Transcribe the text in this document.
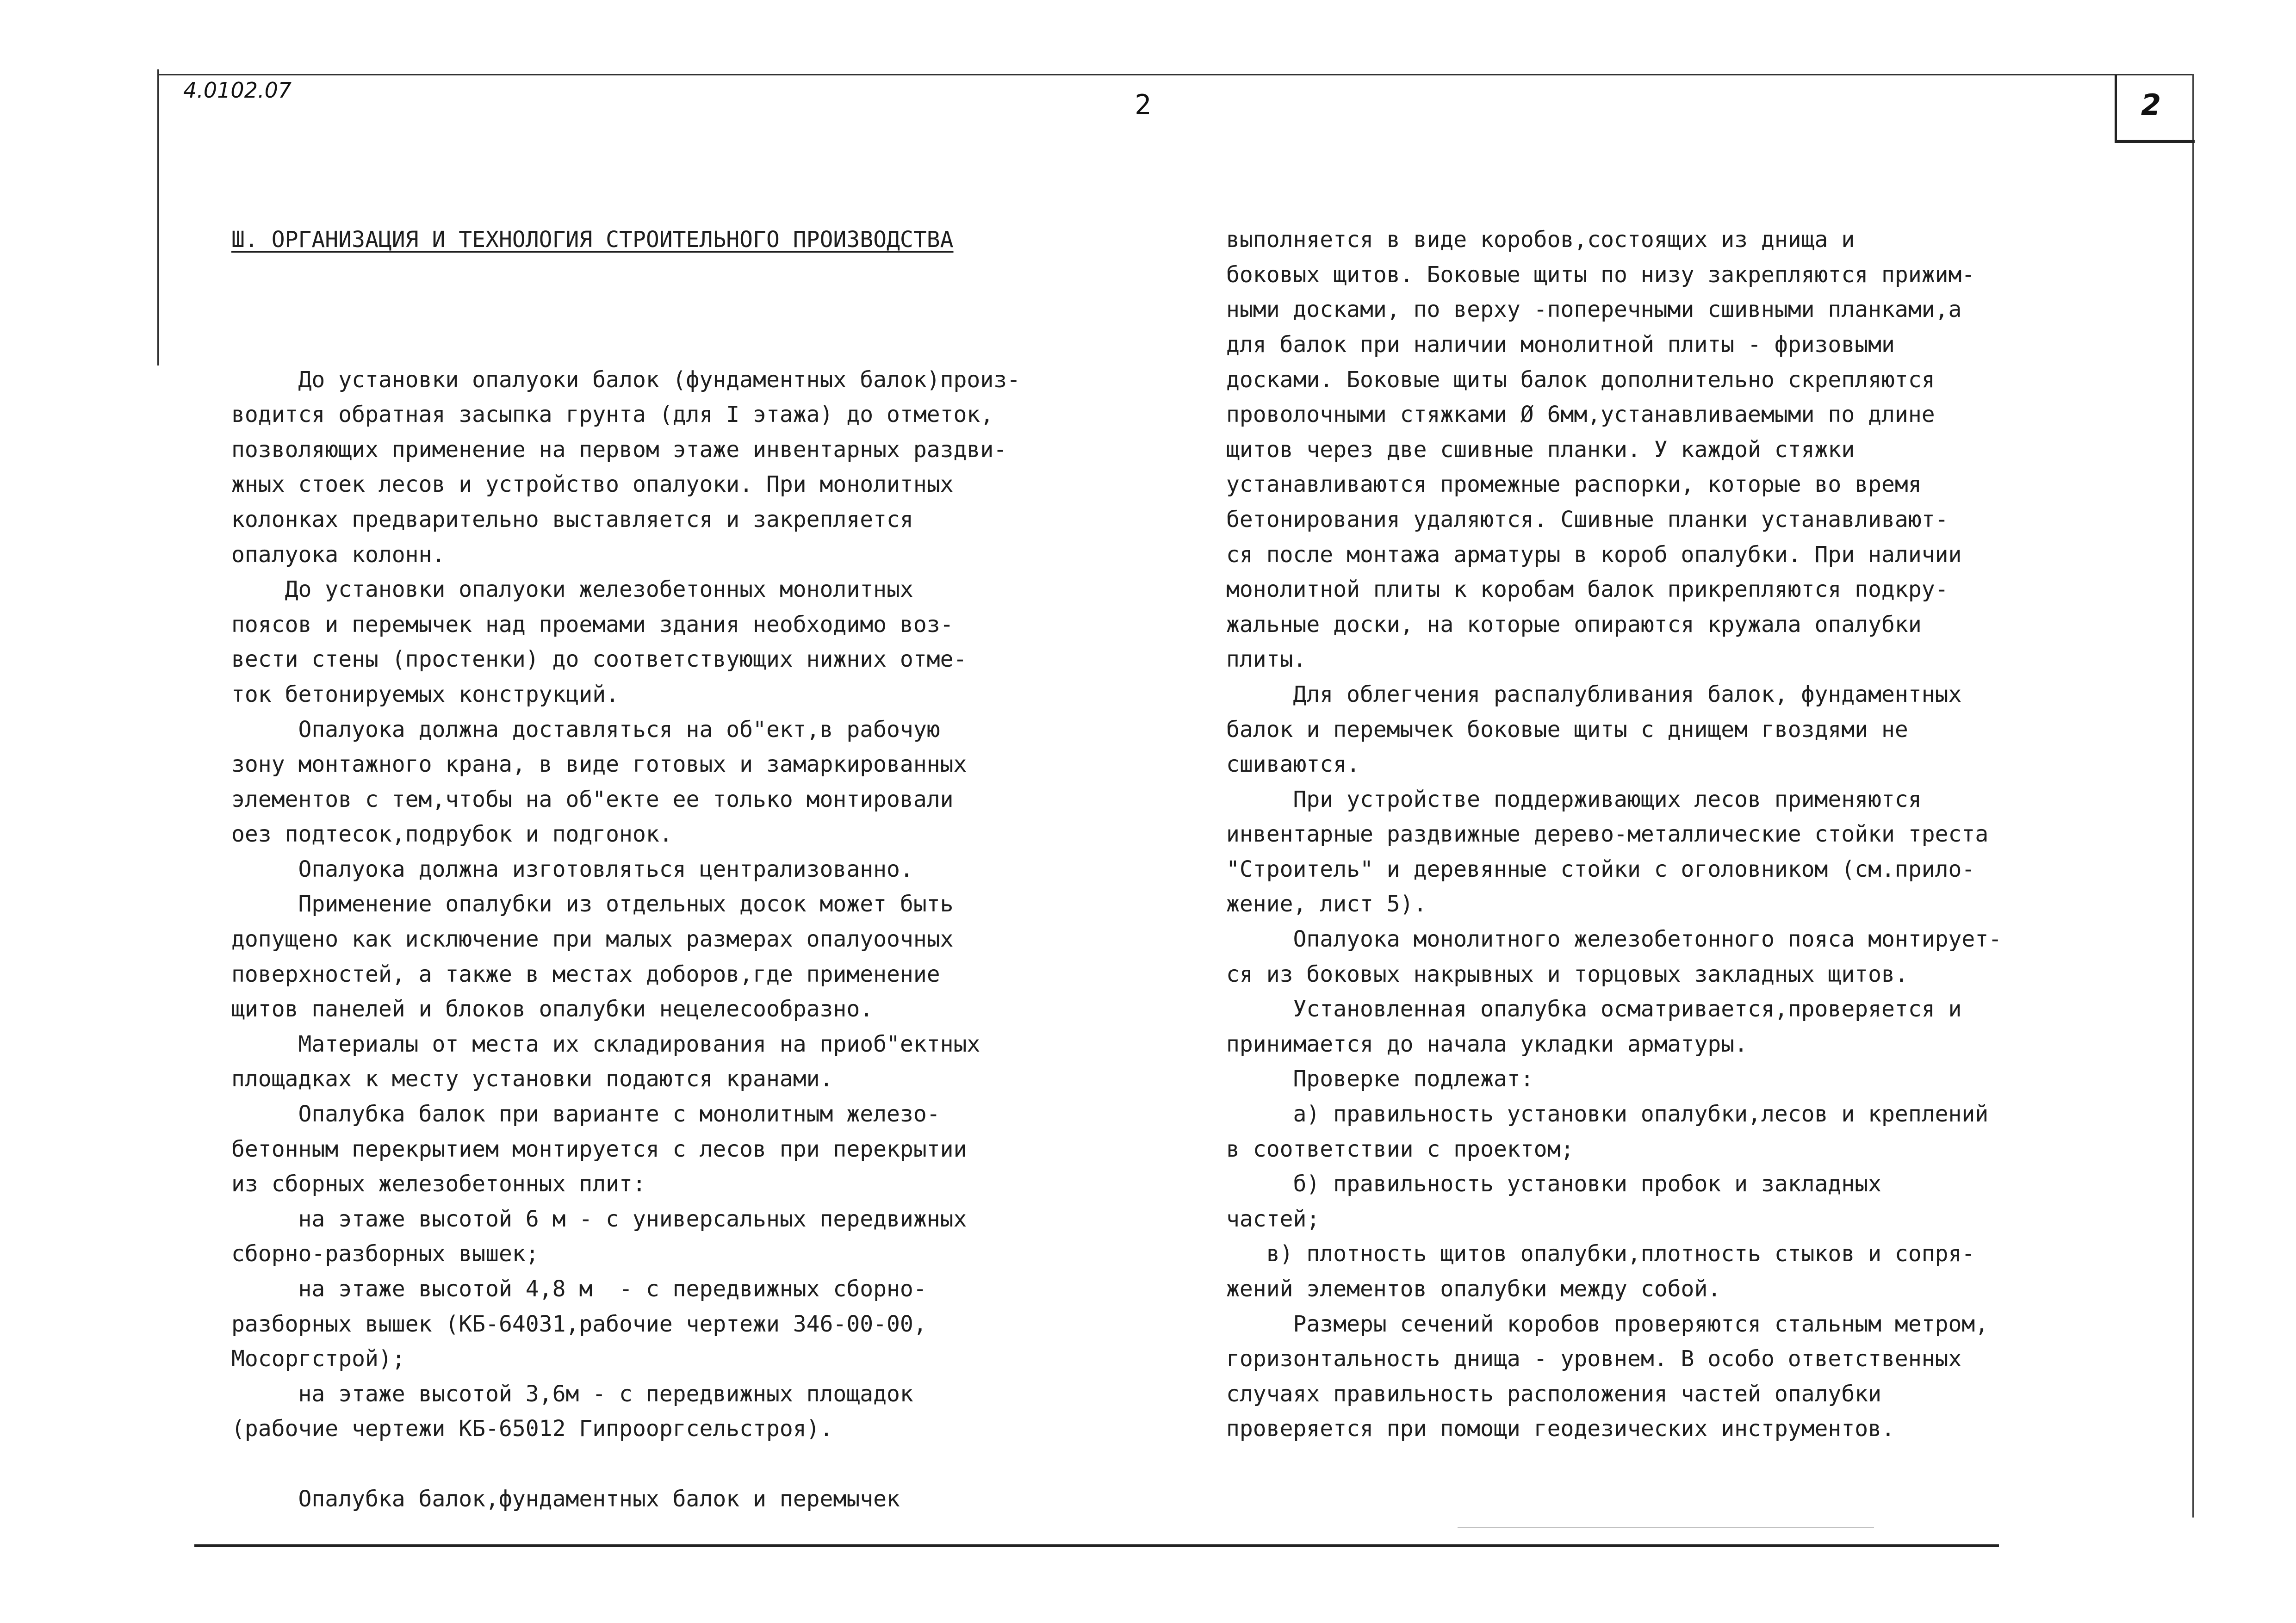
4.0102.07	2	2

Ш. ОРГАНИЗАЦИЯ И ТЕХНОЛОГИЯ СТРОИТЕЛЬНОГО ПРОИЗВОДСТВА

До установки опалуоки балок (фундаментных балок)произ-
водится обратная засыпка грунта (для I этажа) до отметок,
позволяющих применение на первом этаже инвентарных раздви-
жных стоек лесов и устройство опалуоки. При монолитных
колонках предварительно выставляется и закрепляется
опалуока колонн.
До установки опалуоки железобетонных монолитных
поясов и перемычек над проемами здания необходимо воз-
вести стены (простенки) до соответствующих нижних отме-
ток бетонируемых конструкций.
Опалуока должна доставляться на об"ект,в рабочую
зону монтажного крана, в виде готовых и замаркированных
элементов с тем,чтобы на об"екте ее только монтировали
оез подтесок,подрубок и подгонок.
Опалуока должна изготовляться централизованно.
Применение опалубки из отдельных досок может быть
допущено как исключение при малых размерах опалуоочных
поверхностей, а также в местах доборов,где применение
щитов панелей и блоков опалубки нецелесообразно.
Материалы от места их складирования на приоб"ектных
площадках к месту установки подаются кранами.
Опалубка балок при варианте с монолитным железо-
бетонным перекрытием монтируется с лесов при перекрытии
из сборных железобетонных плит:
на этаже высотой 6 м - с универсальных передвижных
сборно-разборных вышек;
на этаже высотой 4,8 м  - с передвижных сборно-
разборных вышек (КБ-64031,рабочие чертежи 346-00-00,
Мосоргстрой);
на этаже высотой 3,6м - с передвижных площадок
(рабочие чертежи КБ-65012 Гипрооргсельстроя).
Опалубка балок,фундаментных балок и перемычек

выполняется в виде коробов,состоящих из днища и
боковых щитов. Боковые щиты по низу закрепляются прижим-
ными досками, по верху -поперечными сшивными планками,а
для балок при наличии монолитной плиты - фризовыми
досками. Боковые щиты балок дополнительно скрепляются
проволочными стяжками Ø 6мм,устанавливаемыми по длине
щитов через две сшивные планки. У каждой стяжки
устанавливаются промежные распорки, которые во время
бетонирования удаляются. Сшивные планки устанавливают-
ся после монтажа арматуры в короб опалубки. При наличии
монолитной плиты к коробам балок прикрепляются подкру-
жальные доски, на которые опираются кружала опалубки
плиты.
Для облегчения распалубливания балок, фундаментных
балок и перемычек боковые щиты с днищем гвоздями не
сшиваются.
При устройстве поддерживающих лесов применяются
инвентарные раздвижные дерево-металлические стойки треста
"Строитель" и деревянные стойки с оголовником (см.прило-
жение, лист 5).
Опалуока монолитного железобетонного пояса монтирует-
ся из боковых накрывных и торцовых закладных щитов.
Установленная опалубка осматривается,проверяется и
принимается до начала укладки арматуры.
Проверке подлежат:
а) правильность установки опалубки,лесов и креплений
в соответствии с проектом;
б) правильность установки пробок и закладных
частей;
в) плотность щитов опалубки,плотность стыков и сопря-
жений элементов опалубки между собой.
Размеры сечений коробов проверяются стальным метром,
горизонтальность днища - уровнем. В особо ответственных
случаях правильность расположения частей опалубки
проверяется при помощи геодезических инструментов.
